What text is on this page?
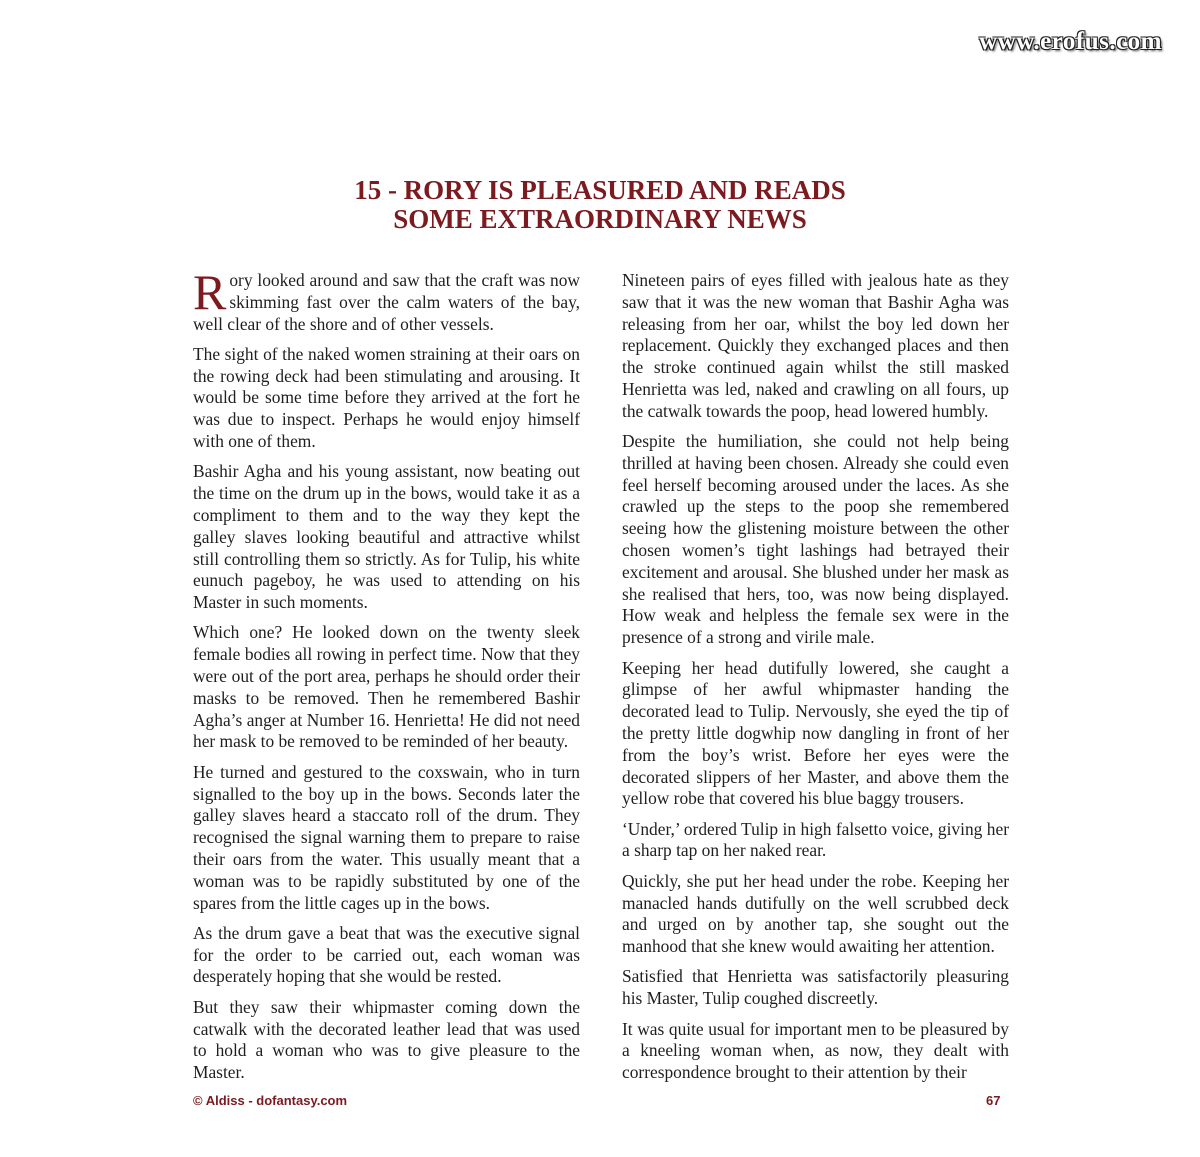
www.erofus.com
15 - RORY IS PLEASURED AND READS
SOME EXTRAORDINARY NEWS

Rory looked around and saw that the craft was now skimming fast over the calm waters of the bay, well clear of the shore and of other vessels.

The sight of the naked women straining at their oars on the rowing deck had been stimulating and arousing. It would be some time before they arrived at the fort he was due to inspect. Perhaps he would enjoy himself with one of them.

Bashir Agha and his young assistant, now beating out the time on the drum up in the bows, would take it as a compliment to them and to the way they kept the galley slaves looking beautiful and attractive whilst still controlling them so strictly. As for Tulip, his white eunuch pageboy, he was used to attending on his Master in such moments.

Which one? He looked down on the twenty sleek female bodies all rowing in perfect time. Now that they were out of the port area, perhaps he should order their masks to be removed. Then he remembered Bashir Agha’s anger at Number 16. Henrietta! He did not need her mask to be removed to be reminded of her beauty.

He turned and gestured to the coxswain, who in turn signalled to the boy up in the bows. Seconds later the galley slaves heard a staccato roll of the drum. They recognised the signal warning them to prepare to raise their oars from the water. This usually meant that a woman was to be rapidly substituted by one of the spares from the little cages up in the bows.

As the drum gave a beat that was the executive signal for the order to be carried out, each woman was desperately hoping that she would be rested.

But they saw their whipmaster coming down the catwalk with the decorated leather lead that was used to hold a woman who was to give pleasure to the Master.

Nineteen pairs of eyes filled with jealous hate as they saw that it was the new woman that Bashir Agha was releasing from her oar, whilst the boy led down her replacement. Quickly they exchanged places and then the stroke continued again whilst the still masked Henrietta was led, naked and crawling on all fours, up the catwalk towards the poop, head lowered humbly.

Despite the humiliation, she could not help being thrilled at having been chosen. Already she could even feel herself becoming aroused under the laces. As she crawled up the steps to the poop she remembered seeing how the glistening moisture between the other chosen women’s tight lashings had betrayed their excitement and arousal. She blushed under her mask as she realised that hers, too, was now being displayed. How weak and helpless the female sex were in the presence of a strong and virile male.

Keeping her head dutifully lowered, she caught a glimpse of her awful whipmaster handing the decorated lead to Tulip. Nervously, she eyed the tip of the pretty little dogwhip now dangling in front of her from the boy’s wrist. Before her eyes were the decorated slippers of her Master, and above them the yellow robe that covered his blue baggy trousers.

‘Under,’ ordered Tulip in high falsetto voice, giving her a sharp tap on her naked rear.

Quickly, she put her head under the robe. Keeping her manacled hands dutifully on the well scrubbed deck and urged on by another tap, she sought out the manhood that she knew would awaiting her attention.

Satisfied that Henrietta was satisfactorily pleasuring his Master, Tulip coughed discreetly.

It was quite usual for important men to be pleasured by a kneeling woman when, as now, they dealt with correspondence brought to their attention by their

© Aldiss - dofantasy.com	67
